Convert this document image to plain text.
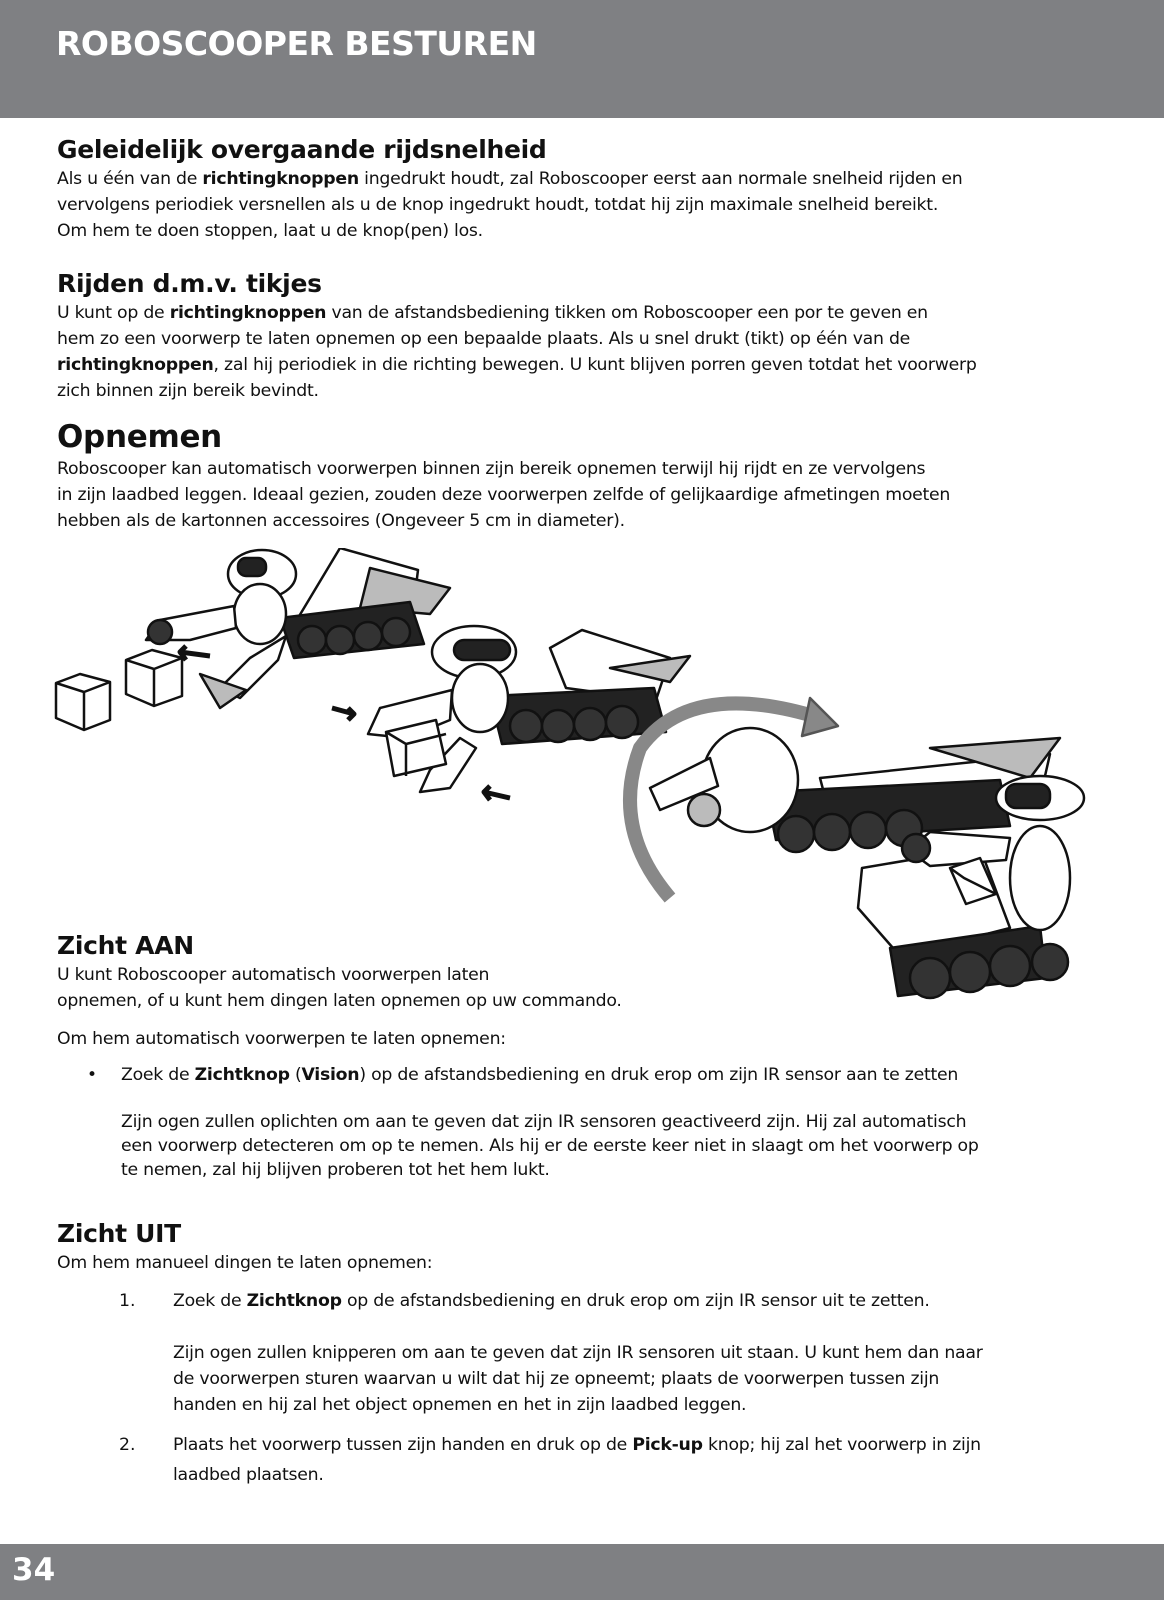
ROBOSCOOPER BESTUREN
Geleidelijk overgaande rijdsnelheid

Als u één van de richtingknoppen ingedrukt houdt, zal Roboscooper eerst aan normale snelheid rijden en

vervolgens periodiek versnellen als u de knop ingedrukt houdt, totdat hij zijn maximale snelheid bereikt.

Om hem te doen stoppen, laat u de knop(pen) los.

Rijden d.m.v. tikjes

U kunt op de richtingknoppen van de afstandsbediening tikken om Roboscooper een por te geven en

hem zo een voorwerp te laten opnemen op een bepaalde plaats. Als u snel drukt (tikt) op één van de

richtingknoppen, zal hij periodiek in die richting bewegen. U kunt blijven porren geven totdat het voorwerp

zich binnen zijn bereik bevindt.

Opnemen

Roboscooper kan automatisch voorwerpen binnen zijn bereik opnemen terwijl hij rijdt en ze vervolgens

in zijn laadbed leggen. Ideaal gezien, zouden deze voorwerpen zelfde of gelijkaardige afmetingen moeten

hebben als de kartonnen accessoires (Ongeveer 5 cm in diameter).

Zicht AAN

U kunt Roboscooper automatisch voorwerpen laten

opnemen, of u kunt hem dingen laten opnemen op uw commando.

Om hem automatisch voorwerpen te laten opnemen:

• Zoek de Zichtknop (Vision) op de afstandsbediening en druk erop om zijn IR sensor aan te zetten

Zijn ogen zullen oplichten om aan te geven dat zijn IR sensoren geactiveerd zijn. Hij zal automatisch

een voorwerp detecteren om op te nemen. Als hij er de eerste keer niet in slaagt om het voorwerp op

te nemen, zal hij blijven proberen tot het hem lukt.

Zicht UIT

Om hem manueel dingen te laten opnemen:

1. Zoek de Zichtknop op de afstandsbediening en druk erop om zijn IR sensor uit te zetten.

Zijn ogen zullen knipperen om aan te geven dat zijn IR sensoren uit staan. U kunt hem dan naar

de voorwerpen sturen waarvan u wilt dat hij ze opneemt; plaats de voorwerpen tussen zijn

handen en hij zal het object opnemen en het in zijn laadbed leggen.

2. Plaats het voorwerp tussen zijn handen en druk op de Pick-up knop; hij zal het voorwerp in zijn

laadbed plaatsen.

34
